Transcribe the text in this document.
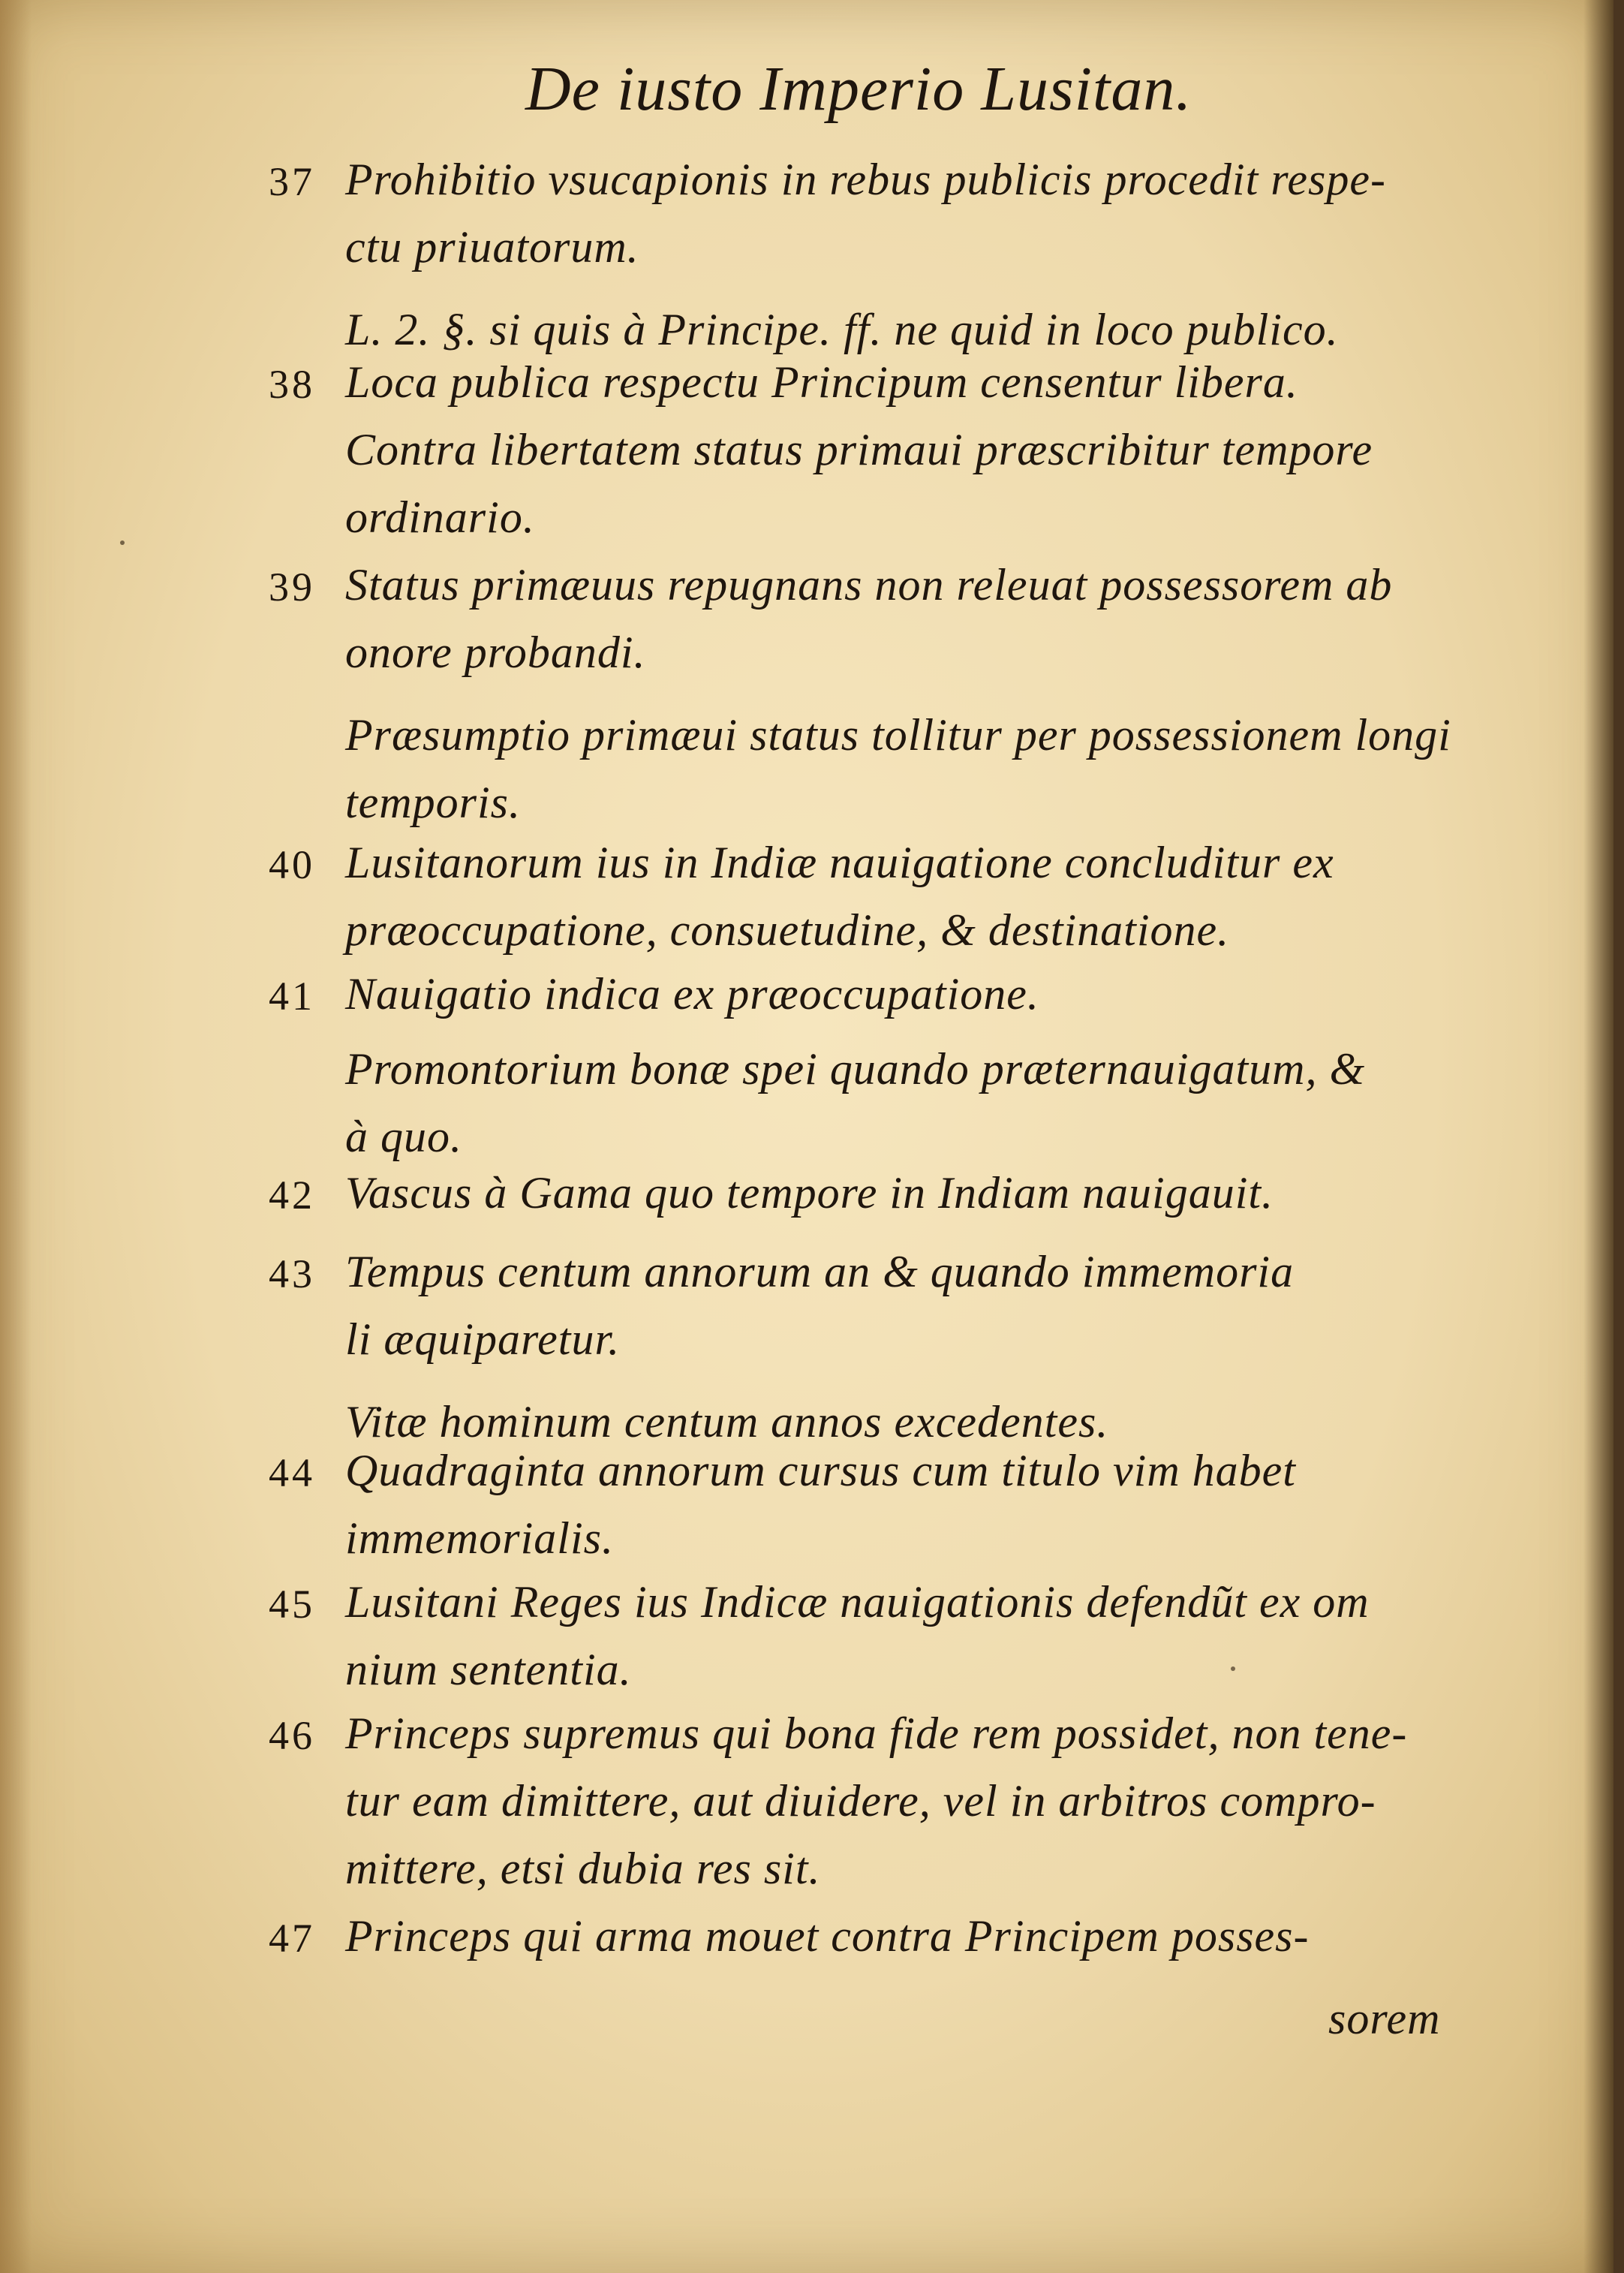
De iusto Imperio Lusitan.
37 Prohibitio vsucapionis in rebus publicis procedit respe-
ctu priuatorum.
L. 2. §. si quis à Principe. ff. ne quid in loco publico.
38 Loca publica respectu Principum censentur libera.
Contra libertatem status primaui præscribitur tempore
ordinario.
39 Status primæuus repugnans non releuat possessorem ab
onore probandi.
Præsumptio primæui status tollitur per possessionem longi
temporis.
40 Lusitanorum ius in Indiæ nauigatione concluditur ex
præoccupatione, consuetudine, & destinatione.
41 Nauigatio indica ex præoccupatione.
Promontorium bonæ spei quando præternauigatum, &
à quo.
42 Vascus à Gama quo tempore in Indiam nauigauit.
43 Tempus centum annorum an & quando immemoria
li æquiparetur.
Vitæ hominum centum annos excedentes.
44 Quadraginta annorum cursus cum titulo vim habet
immemorialis.
45 Lusitani Reges ius Indicæ nauigationis defendũt ex om
nium sententia.
46 Princeps supremus qui bona fide rem possidet, non tene-
tur eam dimittere, aut diuidere, vel in arbitros compro-
mittere, etsi dubia res sit.
47 Princeps qui arma mouet contra Principem posses-
sorem
